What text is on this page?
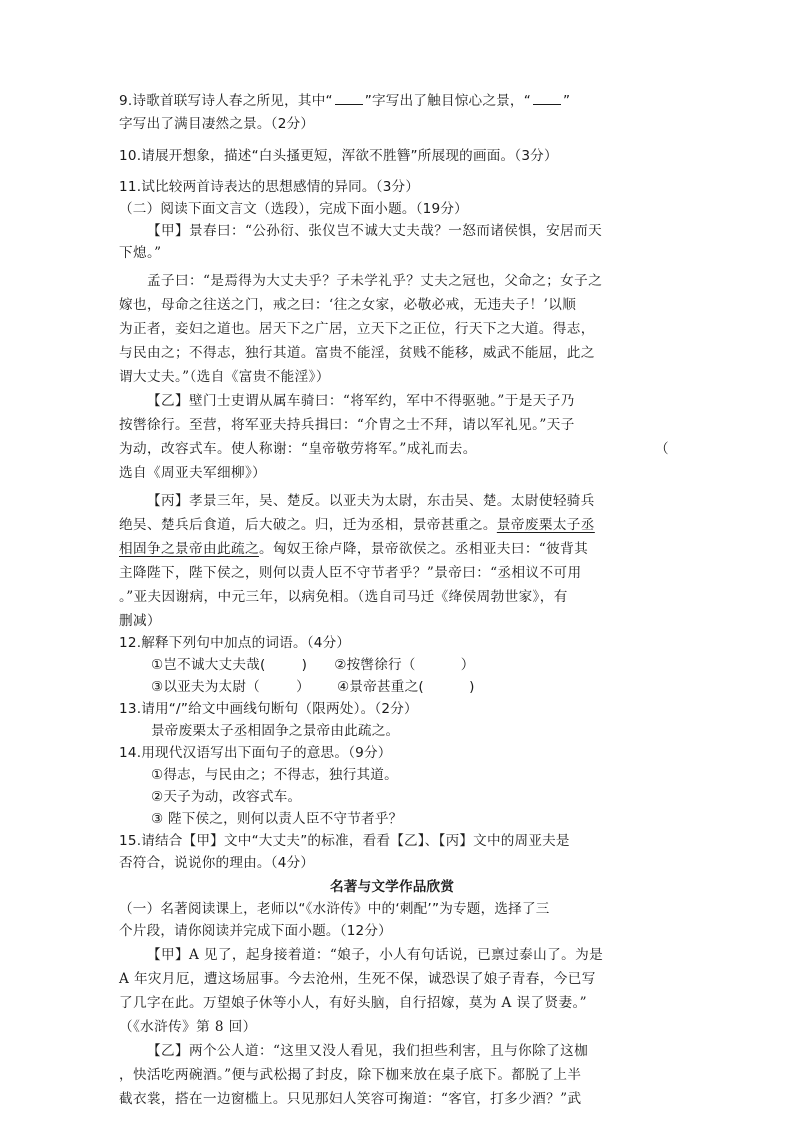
9.诗歌首联写诗人春之所见，其中“ ”字写出了触目惊心之景，“ ”

字写出了满目凄然之景。（2分）

10.请展开想象，描述“白头搔更短，浑欲不胜簪”所展现的画面。（3分）

11.试比较两首诗表达的思想感情的异同。（3分）

（二）阅读下面文言文（选段），完成下面小题。（19分）

【甲】景春曰：“公孙衍、张仪岂不诚大丈夫哉？一怒而诸侯惧，安居而天

下熄。”

孟子曰：“是焉得为大丈夫乎？子未学礼乎？丈夫之冠也，父命之；女子之

嫁也，母命之往送之门，戒之曰：‘往之女家，必敬必戒，无违夫子！’以顺

为正者，妾妇之道也。居天下之广居，立天下之正位，行天下之大道。得志，

与民由之；不得志，独行其道。富贵不能淫，贫贱不能移，威武不能屈，此之

谓大丈夫。”（选自《富贵不能淫》）

【乙】壁门士吏谓从属车骑曰：“将军约，军中不得驱驰。”于是天子乃

按辔徐行。至营，将军亚夫持兵揖曰：“介胄之士不拜，请以军礼见。”天子

为动，改容式车。使人称谢：“皇帝敬劳将军。”成礼而去。	（

选自《周亚夫军细柳》）

【丙】孝景三年，吴、楚反。以亚夫为太尉，东击吴、楚。太尉使轻骑兵

绝吴、楚兵后食道，后大破之。归，迁为丞相，景帝甚重之。景帝废栗太子丞

相固争之景帝由此疏之。匈奴王徐卢降，景帝欲侯之。丞相亚夫曰：“彼背其

主降陛下，陛下侯之，则何以责人臣不守节者乎？”景帝曰：“丞相议不可用

。”亚夫因谢病，中元三年，以病免相。（选自司马迁《绛侯周勃世家》，有

删减）

12.解释下列句中加点的词语。（4分）

①岂不诚大丈夫哉(        )      ②按辔徐行（          ）

③以亚夫为太尉（        ）      ④景帝甚重之(          )

13.请用“/”给文中画线句断句（限两处）。（2分）

景帝废栗太子丞相固争之景帝由此疏之。

14.用现代汉语写出下面句子的意思。（9分）

①得志，与民由之；不得志，独行其道。

②天子为动，改容式车。

③ 陛下侯之，则何以责人臣不守节者乎？

15.请结合【甲】文中“大丈夫”的标准，看看【乙】、【丙】文中的周亚夫是

否符合，说说你的理由。（4分）

名著与文学作品欣赏

（一）名著阅读课上，老师以“《水浒传》中的‘刺配’”为专题，选择了三

个片段，请你阅读并完成下面小题。（12分）

【甲】A 见了，起身接着道：“娘子，小人有句话说，已禀过泰山了。为是

A 年灾月厄，遭这场屈事。今去沧州，生死不保，诚恐误了娘子青春，今已写

了几字在此。万望娘子休等小人，有好头脑，自行招嫁，莫为 A 误了贤妻。”

（《水浒传》第 8 回）

【乙】两个公人道：“这里又没人看见，我们担些利害，且与你除了这枷

，快活吃两碗酒。”便与武松揭了封皮，除下枷来放在桌子底下。都脱了上半

截衣裳，搭在一边窗槛上。只见那妇人笑容可掬道：“客官，打多少酒？”武
